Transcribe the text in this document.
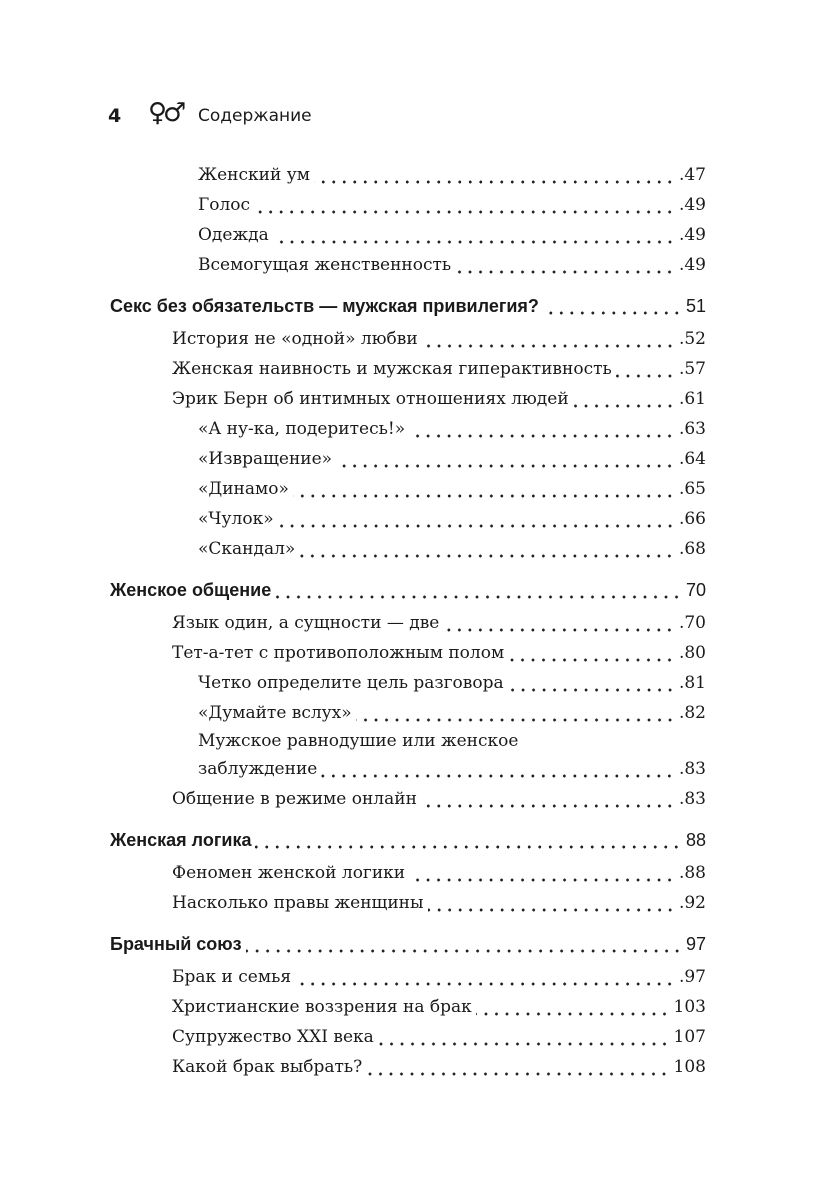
4	♀♂ Содержание
Женский ум	.47
Голос	.49
Одежда	.49
Всемогущая женственность	.49
Секс без обязательств — мужская привилегия?	51
История не «одной» любви	.52
Женская наивность и мужская гиперактивность	.57
Эрик Берн об интимных отношениях людей	.61
«А ну-ка, подеритесь!»	.63
«Извращение»	.64
«Динамо»	.65
«Чулок»	.66
«Скандал»	.68
Женское общение	70
Язык один, а сущности — две	.70
Тет-а-тет с противоположным полом	.80
Четко определите цель разговора	.81
«Думайте вслух»	.82
Мужское равнодушие или женское
заблуждение	.83
Общение в режиме онлайн	.83
Женская логика	88
Феномен женской логики	.88
Насколько правы женщины	.92
Брачный союз	97
Брак и семья	.97
Христианские воззрения на брак	103
Супружество XXI века	107
Какой брак выбрать?	108
